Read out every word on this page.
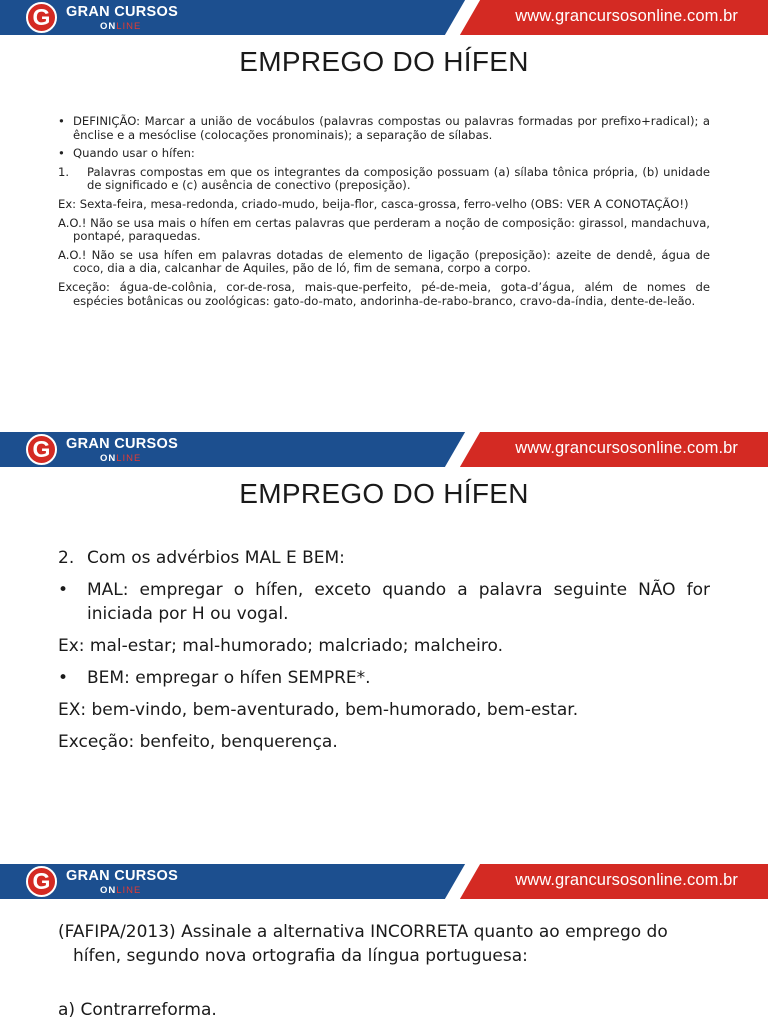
G	GRAN CURSOS
ONLINE
www.grancursosonline.com.br
EMPREGO DO HÍFEN

• DEFINIÇÃO: Marcar a união de vocábulos (palavras compostas ou palavras formadas por prefixo+radical); a ênclise e a mesóclise (colocações pronominais); a separação de sílabas.

• Quando usar o hífen:

1. Palavras compostas em que os integrantes da composição possuam (a) sílaba tônica própria, (b) unidade de significado e (c) ausência de conectivo (preposição).

Ex: Sexta-feira, mesa-redonda, criado-mudo, beija-flor, casca-grossa, ferro-velho (OBS: VER A CONOTAÇÃO!)

A.O.! Não se usa mais o hífen em certas palavras que perderam a noção de composição: girassol, mandachuva, pontapé, paraquedas.

A.O.! Não se usa hífen em palavras dotadas de elemento de ligação (preposição): azeite de dendê, água de coco, dia a dia, calcanhar de Aquiles, pão de ló, fim de semana, corpo a corpo.

Exceção: água-de-colônia, cor-de-rosa, mais-que-perfeito, pé-de-meia, gota-d’água, além de nomes de espécies botânicas ou zoológicas: gato-do-mato, andorinha-de-rabo-branco, cravo-da-índia, dente-de-leão.

G	GRAN CURSOS
ONLINE
www.grancursosonline.com.br
EMPREGO DO HÍFEN

2. Com os advérbios MAL E BEM:

• MAL: empregar o hífen, exceto quando a palavra seguinte NÃO for iniciada por H ou vogal.

Ex: mal-estar; mal-humorado; malcriado; malcheiro.

• BEM: empregar o hífen SEMPRE*.

EX: bem-vindo, bem-aventurado, bem-humorado, bem-estar.

Exceção: benfeito, benquerença.

G	GRAN CURSOS
ONLINE
www.grancursosonline.com.br

(FAFIPA/2013) Assinale a alternativa INCORRETA quanto ao emprego do hífen, segundo nova ortografia da língua portuguesa:

a) Contrarreforma.
